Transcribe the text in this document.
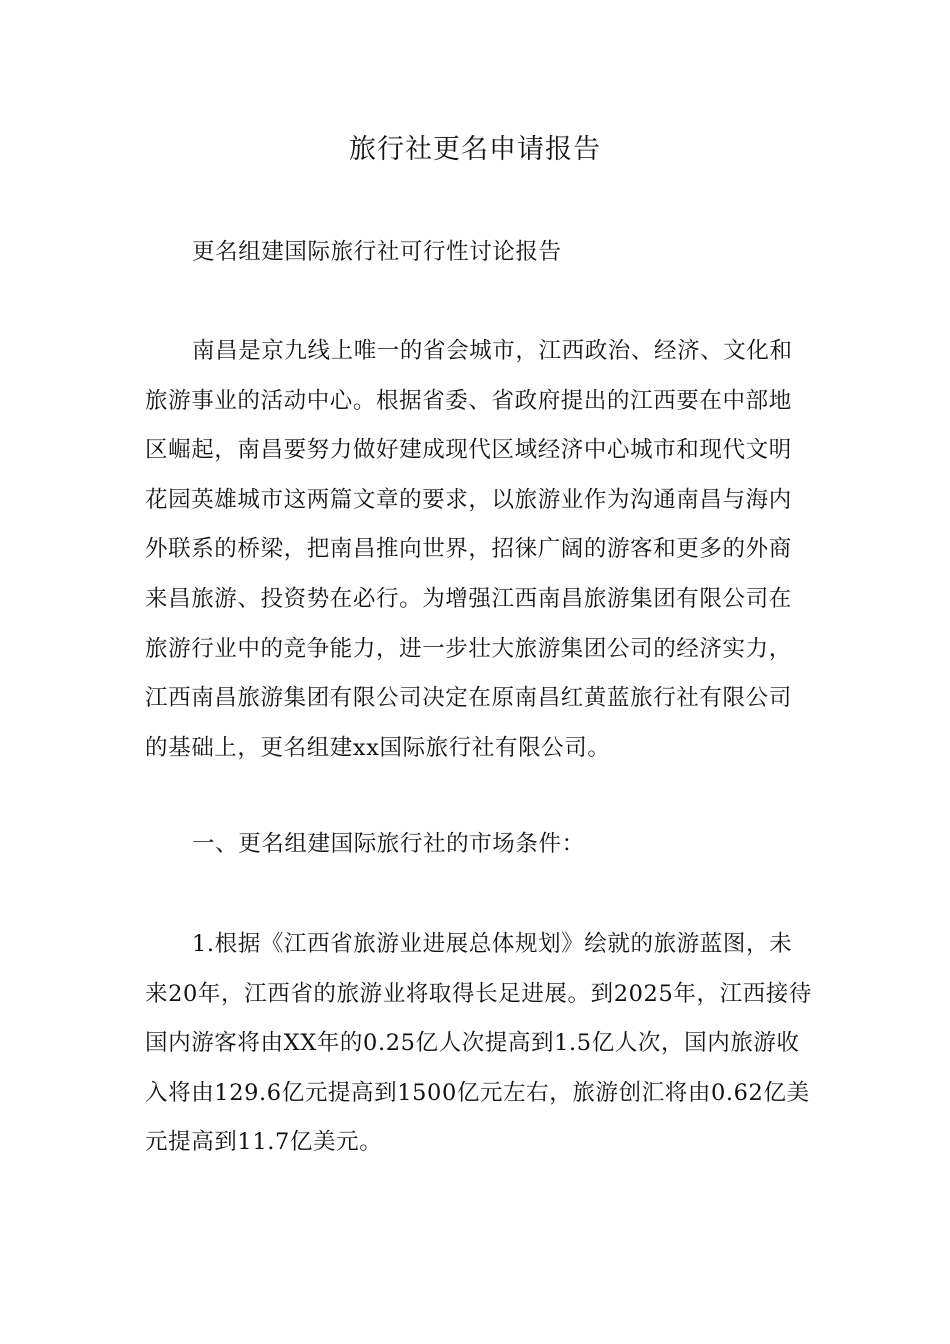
旅行社更名申请报告

更名组建国际旅行社可行性讨论报告

南昌是京九线上唯一的省会城市，江西政治、经济、文化和旅游事业的活动中心。根据省委、省政府提出的江西要在中部地区崛起，南昌要努力做好建成现代区域经济中心城市和现代文明花园英雄城市这两篇文章的要求，以旅游业作为沟通南昌与海内外联系的桥梁，把南昌推向世界，招徕广阔的游客和更多的外商来昌旅游、投资势在必行。为增强江西南昌旅游集团有限公司在旅游行业中的竞争能力，进一步壮大旅游集团公司的经济实力，江西南昌旅游集团有限公司决定在原南昌红黄蓝旅行社有限公司的基础上，更名组建xx国际旅行社有限公司。

一、更名组建国际旅行社的市场条件：

1.根据《江西省旅游业进展总体规划》绘就的旅游蓝图，未来20年，江西省的旅游业将取得长足进展。到2025年，江西接待国内游客将由XX年的0.25亿人次提高到1.5亿人次，国内旅游收入将由129.6亿元提高到1500亿元左右，旅游创汇将由0.62亿美元提高到11.7亿美元。
